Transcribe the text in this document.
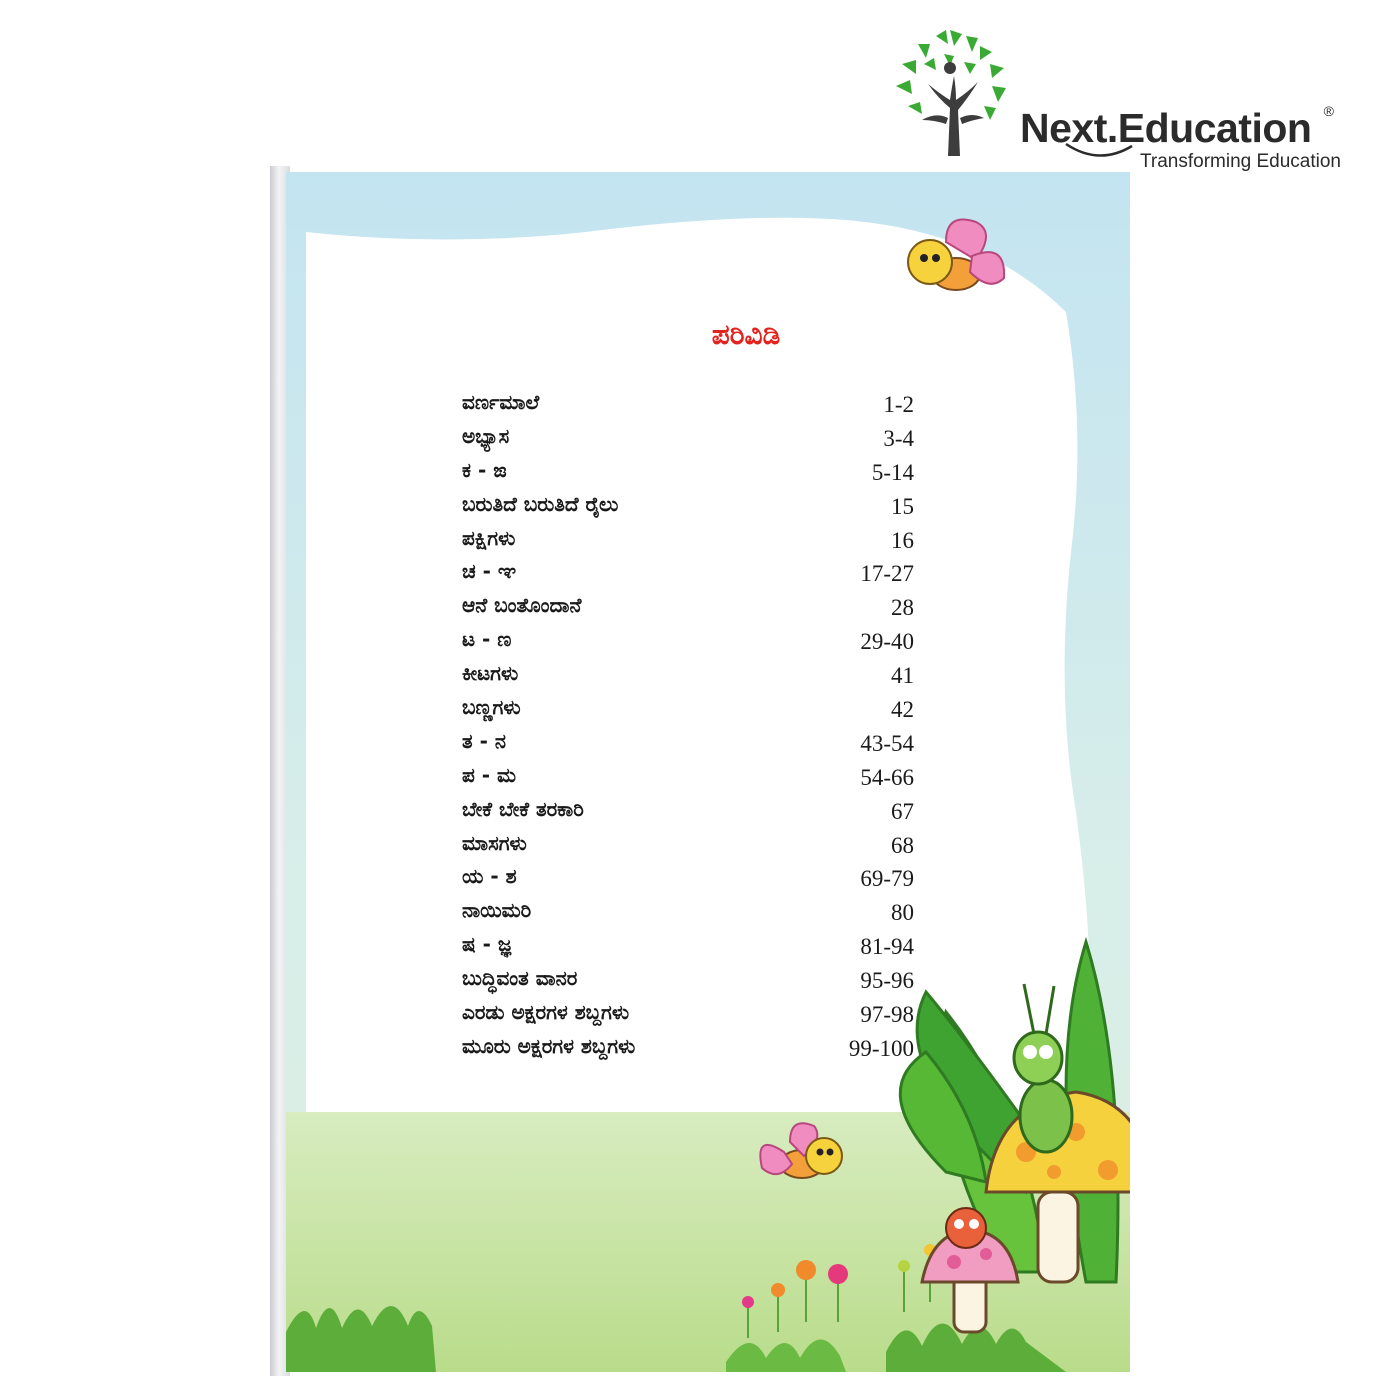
Next.Education ®
Transforming Education
ಪರಿವಿಡಿ
ವರ್ಣಮಾಲೆ	1-2
ಅಭ್ಯಾಸ	3-4
ಕ - ಙ	5-14
ಬರುತಿದೆ ಬರುತಿದೆ ರೈಲು	15
ಪಕ್ಷಿಗಳು	16
ಚ - ಞ	17-27
ಆನೆ ಬಂತೊಂದಾನೆ	28
ಟ - ಣ	29-40
ಕೀಟಗಳು	41
ಬಣ್ಣಗಳು	42
ತ - ನ	43-54
ಪ - ಮ	54-66
ಬೇಕೆ ಬೇಕೆ ತರಕಾರಿ	67
ಮಾಸಗಳು	68
ಯ - ಶ	69-79
ನಾಯಿಮರಿ	80
ಷ - ಜ್ಞ	81-94
ಬುದ್ಧಿವಂತ ವಾನರ	95-96
ಎರಡು ಅಕ್ಷರಗಳ ಶಬ್ದಗಳು	97-98
ಮೂರು ಅಕ್ಷರಗಳ ಶಬ್ದಗಳು	99-100
